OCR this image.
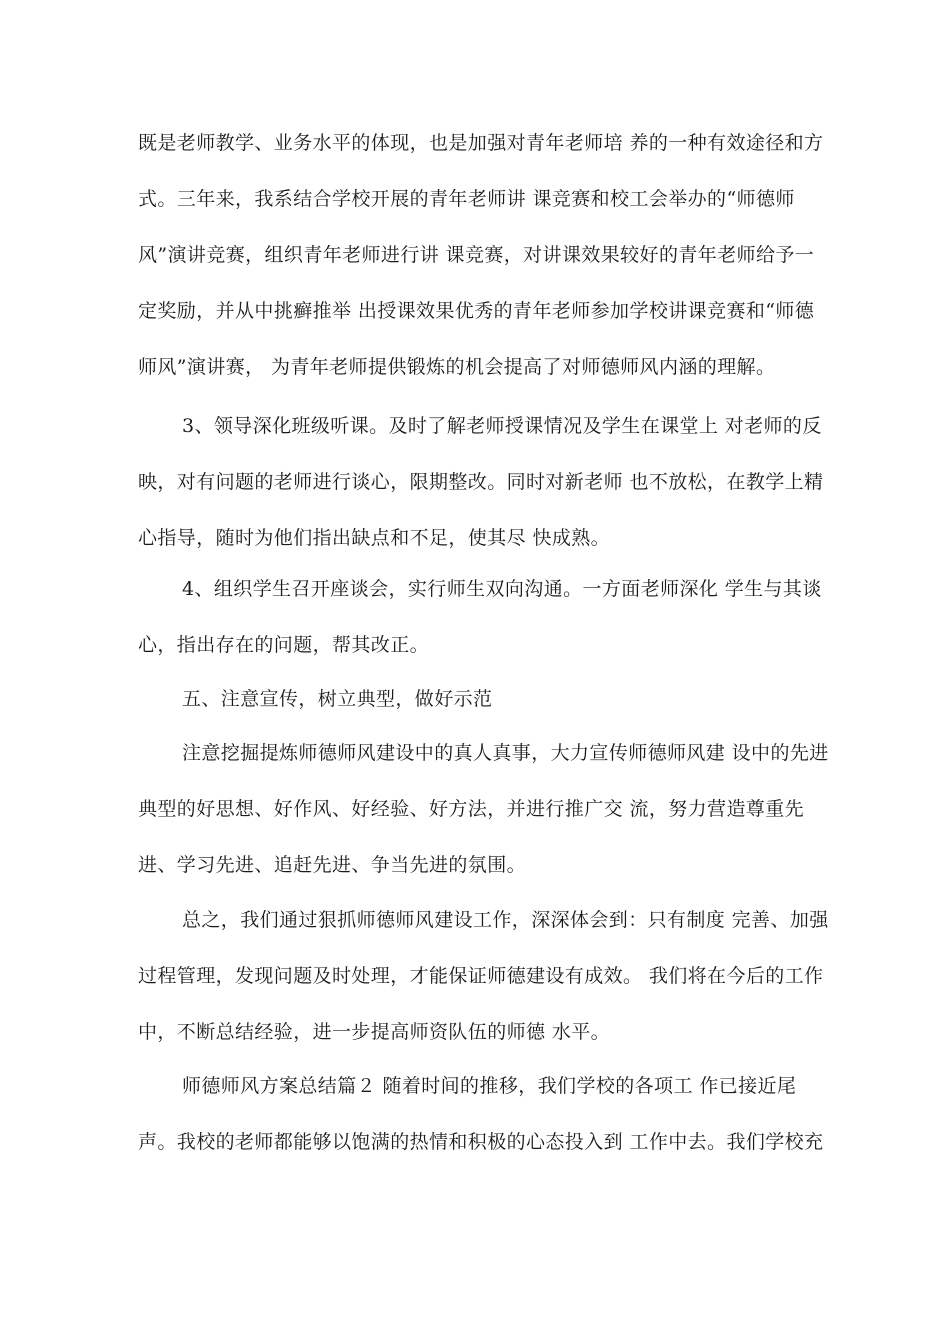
既是老师教学、业务水平的体现，也是加强对青年老师培 养的一种有效途径和方
式。三年来，我系结合学校开展的青年老师讲 课竞赛和校工会举办的“师德师
风”演讲竞赛，组织青年老师进行讲 课竞赛，对讲课效果较好的青年老师给予一
定奖励，并从中挑癣推举 出授课效果优秀的青年老师参加学校讲课竞赛和“师德
师风”演讲赛， 为青年老师提供锻炼的机会提高了对师德师风内涵的理解。
3、领导深化班级听课。及时了解老师授课情况及学生在课堂上 对老师的反
映，对有问题的老师进行谈心，限期整改。同时对新老师 也不放松，在教学上精
心指导，随时为他们指出缺点和不足，使其尽 快成熟。
4、组织学生召开座谈会，实行师生双向沟通。一方面老师深化 学生与其谈
心，指出存在的问题，帮其改正。
五、注意宣传，树立典型，做好示范
注意挖掘提炼师德师风建设中的真人真事，大力宣传师德师风建 设中的先进
典型的好思想、好作风、好经验、好方法，并进行推广交 流，努力营造尊重先
进、学习先进、追赶先进、争当先进的氛围。
总之，我们通过狠抓师德师风建设工作，深深体会到：只有制度 完善、加强
过程管理，发现问题及时处理，才能保证师德建设有成效。 我们将在今后的工作
中，不断总结经验，进一步提高师资队伍的师德 水平。
师德师风方案总结篇２ 随着时间的推移，我们学校的各项工 作已接近尾
声。我校的老师都能够以饱满的热情和积极的心态投入到 工作中去。我们学校充
